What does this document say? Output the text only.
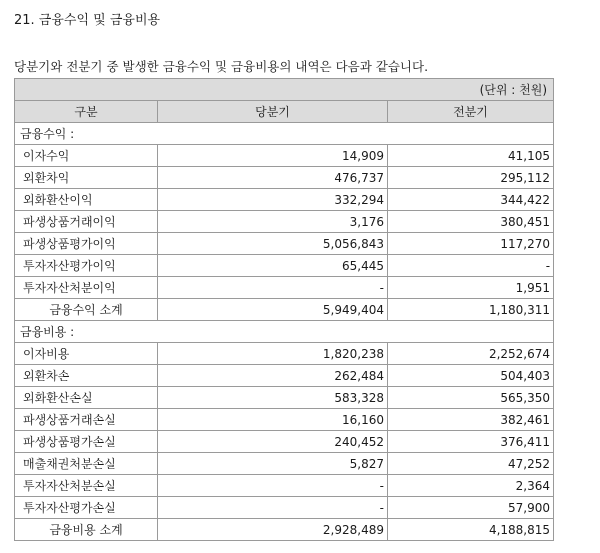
21. 금융수익 및 금융비용
당분기와 전분기 중 발생한 금융수익 및 금융비용의 내역은 다음과 같습니다.
(단위 : 천원)		
구분	당분기	전분기
금융수익 :		
이자수익	14,909	41,105
외환차익	476,737	295,112
외화환산이익	332,294	344,422
파생상품거래이익	3,176	380,451
파생상품평가이익	5,056,843	117,270
투자자산평가이익	65,445	-
투자자산처분이익	-	1,951
금융수익 소계	5,949,404	1,180,311
금융비용 :		
이자비용	1,820,238	2,252,674
외환차손	262,484	504,403
외화환산손실	583,328	565,350
파생상품거래손실	16,160	382,461
파생상품평가손실	240,452	376,411
매출채권처분손실	5,827	47,252
투자자산처분손실	-	2,364
투자자산평가손실	-	57,900
금융비용 소계	2,928,489	4,188,815
